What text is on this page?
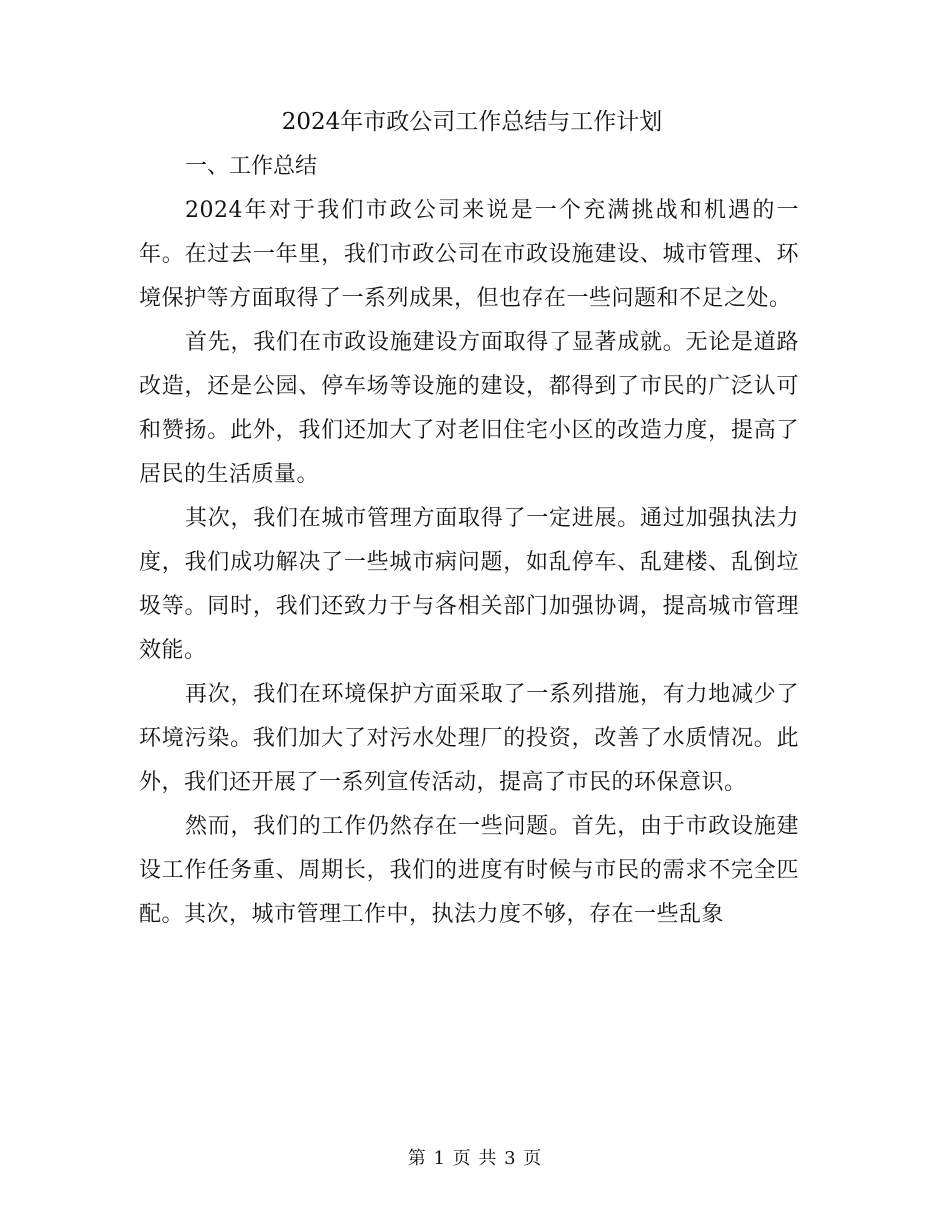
2024年市政公司工作总结与工作计划

一、工作总结

2024年对于我们市政公司来说是一个充满挑战和机遇的一年。在过去一年里，我们市政公司在市政设施建设、城市管理、环境保护等方面取得了一系列成果，但也存在一些问题和不足之处。

首先，我们在市政设施建设方面取得了显著成就。无论是道路改造，还是公园、停车场等设施的建设，都得到了市民的广泛认可和赞扬。此外，我们还加大了对老旧住宅小区的改造力度，提高了居民的生活质量。

其次，我们在城市管理方面取得了一定进展。通过加强执法力度，我们成功解决了一些城市病问题，如乱停车、乱建楼、乱倒垃圾等。同时，我们还致力于与各相关部门加强协调，提高城市管理效能。

再次，我们在环境保护方面采取了一系列措施，有力地减少了环境污染。我们加大了对污水处理厂的投资，改善了水质情况。此外，我们还开展了一系列宣传活动，提高了市民的环保意识。

然而，我们的工作仍然存在一些问题。首先，由于市政设施建设工作任务重、周期长，我们的进度有时候与市民的需求不完全匹配。其次，城市管理工作中，执法力度不够，存在一些乱象

第 1 页 共 3 页
